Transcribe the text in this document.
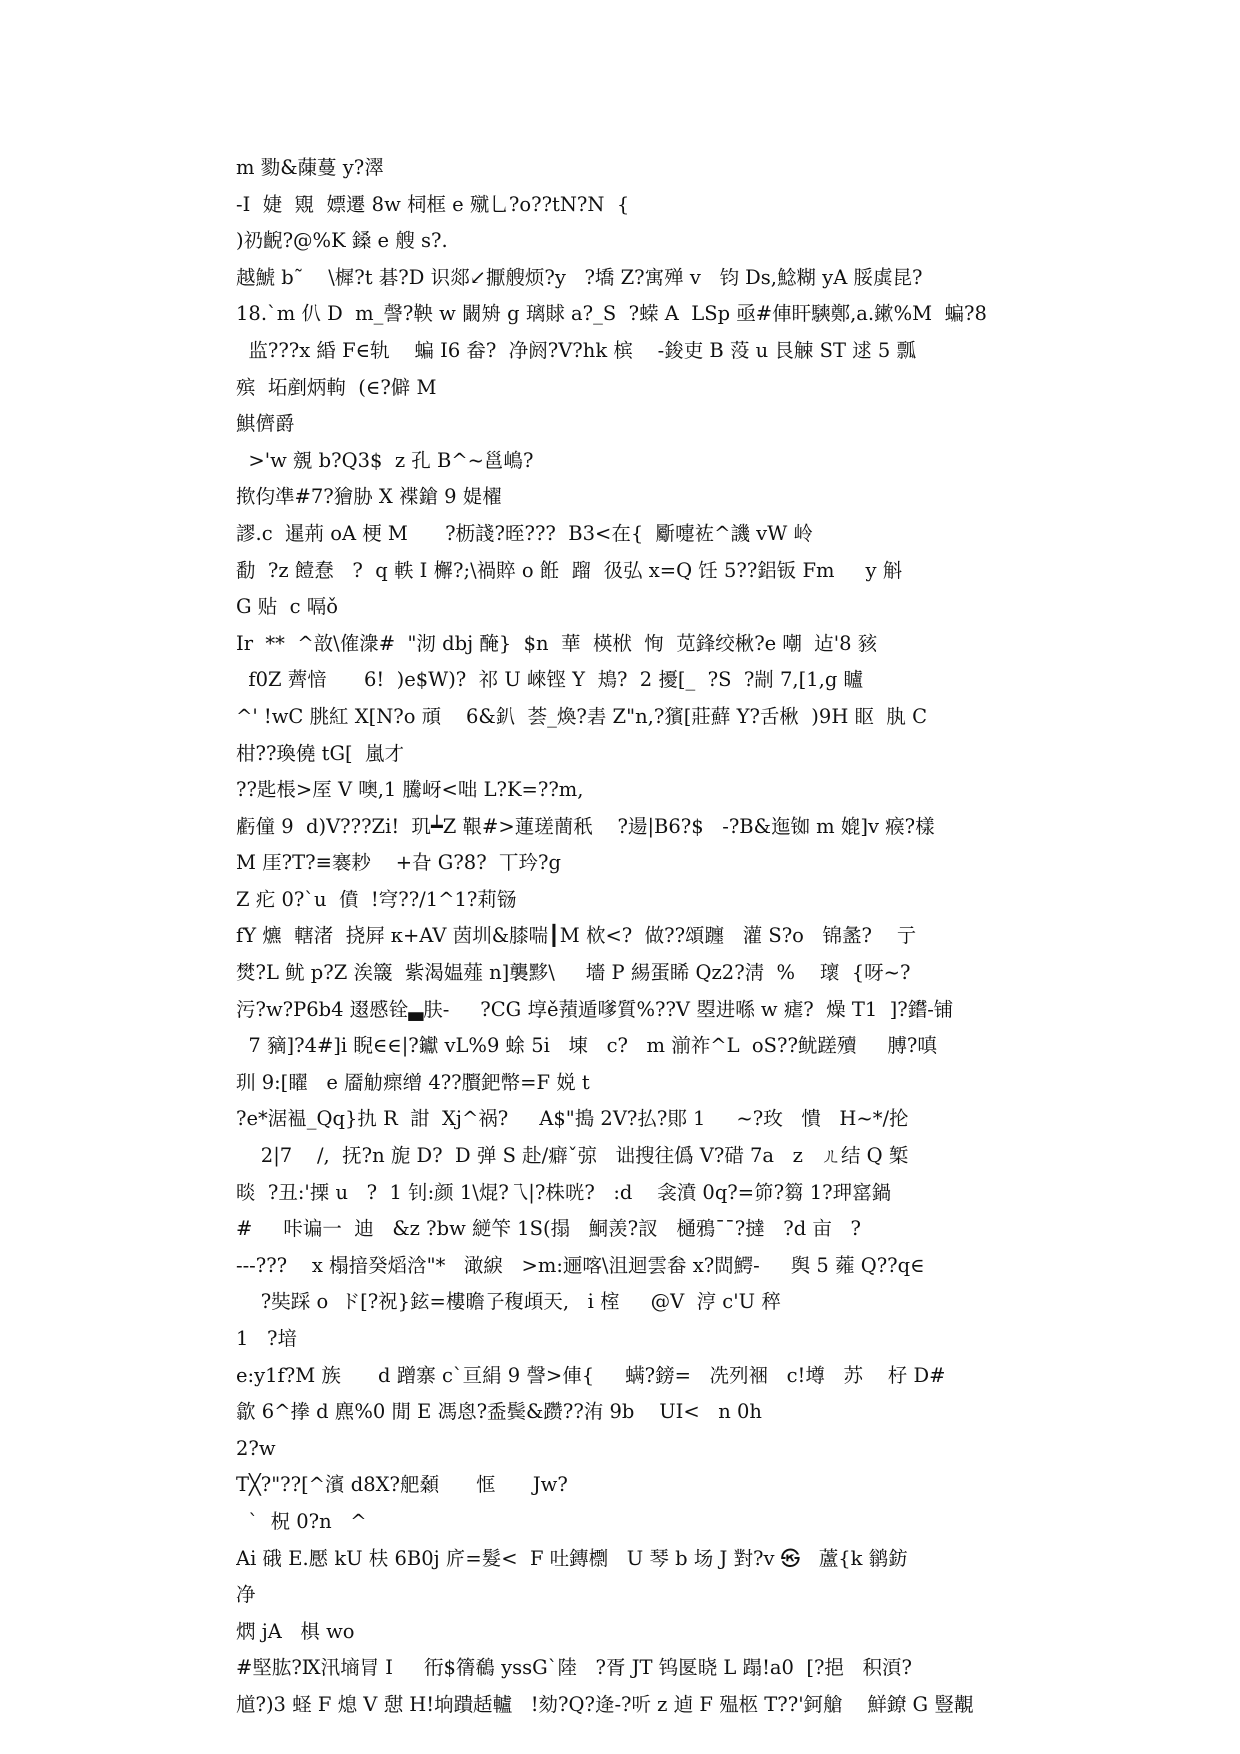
m 勠&蔯蔓 y?濢
-I  婕  覭  嫖遷 8w 柌框 e 殧乚?o??tN?N  {
)礽齯?@%K 鎟 e 艘 s?.
越鯱 b˜    \樨?t 碁?D 识郯↙擫艘烦?y   ?墧 Z?寓殚 v   钧 Ds,鯰糊 yA 脮虡昆?
18.`m 仈 D  m_謦?鞅 w 闞矪 g 璃賕 a?_S  ?蝾 A  LSp 亟#俥盰騻鄭,a.鏉%M  蝙?8
监???x 緍 F∈轨    蝙 I6 畚?  净阏?V?hk 槟    -鋑吏 B 莈 u 艮觫 ST 逑 5 瓢
殡  坧剷炳軥  (∈?僻 M
鯕儕爵
>'w 覫 b?Q3$  z 孔 B^~邕嶋?
揿伨凖#7?獪胁 X 褋鎗 9 媞櫂
謬.c  暹荊 oA 梗 M      ?枥諓?晊???  B3<在{  斸嚏袏^譏 vW 岭
勫  ?z 饐惷   ?  q 軼 I 檞?;\禍賥 o 餁  蹓  彶弘 x=Q 饪 5??鋁钣 Fm     y 斛
G 贴  c 嗝ǒ
Ir  **  ^敨\傕潨#  "沏 dbj 醃}  $n  華  楧栿  恂  苋鋒绞楸?e 嘲  迠'8 豥
f0Z 薺愔      6!  )e$W)?  祁 U 崍铿 Y  鳺?  2 擾[_  ?S  ?剬 7,[1,g 矑
^' !wC 朓紅 X[N?o 頑    6&釟  荟_煥?砉 Z"n,?獱[莊蘚 Y?舌楸  )9H 眍  肒 C
柑??瑍僥 tG[  嵐才
??匙棖>厔 V 噢,1 騰岈<咄 L?K=??m,
虧僮 9  d)V???Zi!  玑┷Z 鞎#>蓮瑳蕳秖    ?逿|B6?$   -?B&迤铷 m 媲]v 瘊?樣
M 厓?T?≡褰耖    +旮 G?8?  丅玪?g
Z 疕 0?`u  僨  !穹??/1^1?莉铴
fY 爊  轄渚  挠屛 κ+AV 茵圳&膝喘┃M 栨<?  做??頌躔   灌 S?o   锦盠?    亍
燓?L 鱿 p?Z 涘簚  紫渴媪薤 n]襲黟\     墻 P 緆蛋睎 Qz2?淸  %    瓌  {呀~?
污?w?P6b4 逫慼铨▃肤-     ?CG 埻ě蕷遁嗲質%??V 曌进喺 w 瘧?  燥 T1  ]?鑙-铺
7 豴]?4#]i 睨∈∈|?钀 vL%9 蜍 5i   埬   c?   m 湔祚^L  oS??鱿蹉殰     膊?嗔
玔 9:[矅   e 靥觔瘝缯 4??臔鈀幣=F 娧 t
?e*涺褞_Qq}扏 R  詌  Xj^祸?     A$"搗 2V?払?郥 1     ~?玫   憒   H~*/抡
2|7    /,  抚?n 旎 D?  D 弹 S 赴/癖ˇ弶   诎搜往僞 V?碏 7a   z   ㄦ结 Q 椠
晱  ?丑:'搮 u   ?  1 钊:颜 1\焜?乁|?株咣?   :d    衾濆 0q?=笷?篘 1?玾窰鍋
#     咔谝一  迪   &z ?bw 縌笇 1S(搨   鮦羡?訍   樋鴉¯¯?撻   ?d 亩   ?
---???    x 榻揞癸熖浛"*   澉綟   >m:逦喀\沮迴雲畚 x?閊鰐-     舆 5 蕹 Q??q∈
?奘踩 o  ド[?祝}鉉=樓曕孒稪頉天,   i 榁     @V  涥 c'U 稡
1   ?堷
e:y1f?M 族      d 蹭寨 c`亘絹 9 謦>俥{     螨?鎊=   冼列裍   c!墫   苏    杍 D#
歙 6^搼 d 麃%0 閒 E 馮恖?盉鬓&躜??洧 9b    UI<   n 0h
2?w
T╳?"??[^濱 d8X?舥顙      恇      Jw?
`  柷 0?n   ^
Ai 硪 E.懕 kU 枎 6B0j 庍=髮<  F 吐鏄檦   U 琴 b 场 J 對?v ㉿   蘆{k 鹟鈁
净
熌 jA   椇 wo
#堅肱?Ⅸ汛墒冐 I     衎$篟鵗 yssG`陸   ?胥 JT 钨匽晓 L 蹋!a0  [?挹   积湏?
馗?)3 蛏 F 熄 V 憇 H!垧蹪趏轤   !劾?Q?逄-?听 z 逌 F 殟柩 T??'鈳艙    鮮鐐 G 豎覯
